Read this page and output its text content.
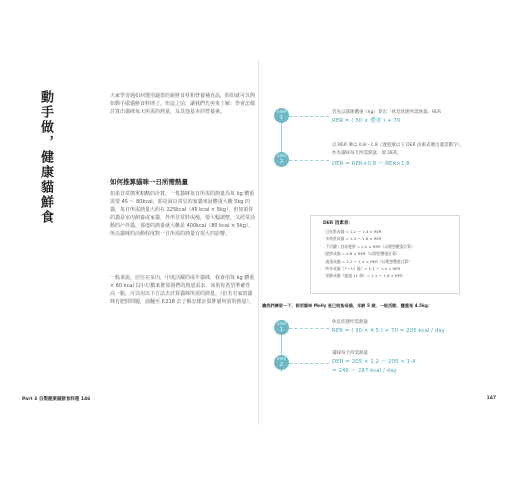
動手做，健康貓鮮食	大家學習過如何選用適當的新鮮食材和營養補充品，假如就可以開始動手做貓鮮食料理了，但這之前，讓我們先再來了解：學會怎樣計算出貓咪每天所需的熱量，及其他基本的營養素。
如何推算貓咪一日所需熱量
如果非常簡單粗略的計算，一隻貓咪每日所需的熱量為每 kg 體重需要 45 ～ 80kcal，即是說以常見的家貓來說體重大概 5kg 的貓，每日所需熱量大約在 225kcal（45 kcal × 5kg），但如果你的貓是室內飼養或家貓，外形非常胖或瘦，要大幅調整。又經常活動的戶外貓，那他的熱量就大概是 400kcal（80 kcal × 5kg），所以貓咪的活動程度對一日所需的熱量有很大的影響。
一般來說，居住在室內，中度活躍的成年貓咪，我會用每 kg 體重 × 60 kcal 以中位數來推算我們的熱量需求。如果你希望準確性高一點，可以用以下方法去計算貓咪所需的熱量。（但若有家的貓咪有肥胖問題，請翻至 P.218 去了解怎樣計算胖貓所需的熱量）。
Part 3 自製健康貓鮮食料理 146
STEP
1
首先以貓咪體重（kg）算出「休息狀態所需熱量」RER
RER = ( 30 × 體重 ) + 70
STEP
2
以 RER 乘以 0.8～1.8（透過運以下 DER 因素表選出適當數字），
作為貓咪每天所需熱量，即 DER。
DER = RER×0.8 ～ RER×1.8
DER 因素表：
· 已結紮成貓 = 1.2 ～ 1.4 × RER
· 未結紮成貓 = 1.4 ～ 1.6 × RER
· 不活躍 / 容易肥胖 = 1.0 × RER（以理想體重計算）
· 肥胖成貓 = 0.8 × RER（以理想體重計算）
· 過重成貓 = 1.2 ～ 1.4 × RER（以理想體重計算）
· 幼年成貓（7～11 歲）= 1.1 ～ 1.4 × RER
· 老齡成貓（超過 11 歲）= 1.1 ～ 1.6 × RER
讓我們練習一下，假若貓咪 Molly 是已結紮母貓，年齡 5 歲，一般活動，體重是 4.5kg：
STEP
1
休息狀態所需熱量
RER = ( 30 × 4.5 ) + 70 = 205 kcal / day
STEP
2
貓咪每天所需熱量
DER = 205 × 1.2 ～ 205 × 1.4
= 246 ～ 287 kcal / day
147
